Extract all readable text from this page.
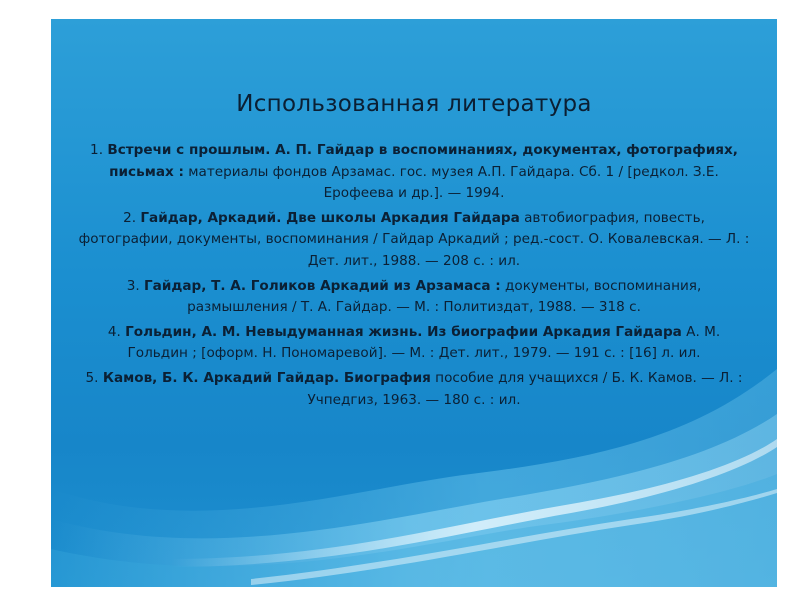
Использованная литература

1. Встречи с прошлым. А. П. Гайдар в воспоминаниях, документах, фотографиях, письмах : материалы фондов Арзамас. гос. музея А.П. Гайдара. Сб. 1 / [редкол. З.Е. Ерофеева и др.]. — 1994.

2. Гайдар, Аркадий. Две школы Аркадия Гайдара автобиография, повесть, фотографии, документы, воспоминания / Гайдар Аркадий ; ред.-сост. О. Ковалевская. — Л. : Дет. лит., 1988. — 208 с. : ил.

3. Гайдар, Т. А. Голиков Аркадий из Арзамаса : документы, воспоминания, размышления / Т. А. Гайдар. — М. : Политиздат, 1988. — 318 с.

4. Гольдин, А. М. Невыдуманная жизнь. Из биографии Аркадия Гайдара А. М. Гольдин ; [оформ. Н. Пономаревой]. — М. : Дет. лит., 1979. — 191 с. : [16] л. ил.

5. Камов, Б. К. Аркадий Гайдар. Биография пособие для учащихся / Б. К. Камов. — Л. : Учпедгиз, 1963. — 180 с. : ил.
